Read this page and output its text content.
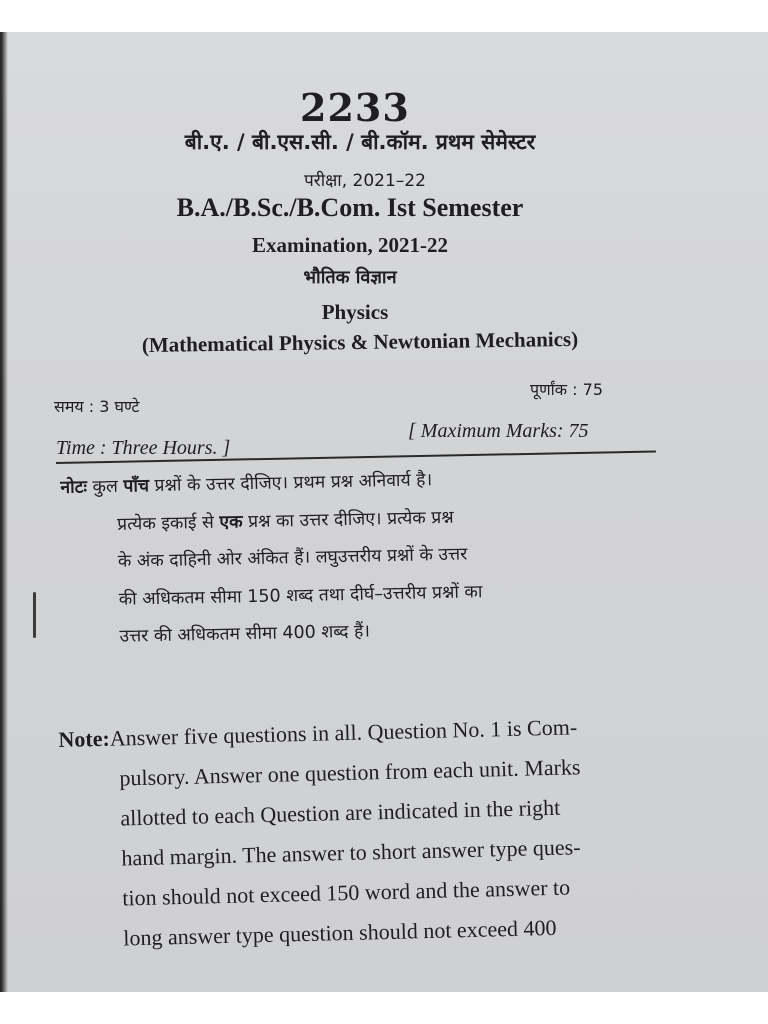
2233
बी.ए. / बी.एस.सी. / बी.कॉम. प्रथम सेमेस्टर
परीक्षा, 2021–22
B.A./B.Sc./B.Com. Ist Semester
Examination, 2021-22
भौतिक विज्ञान
Physics
(Mathematical Physics & Newtonian Mechanics)
समय : 3 घण्टे
पूर्णांक : 75
Time : Three Hours. ]
[ Maximum Marks: 75
नोटः कुल पाँच प्रश्नों के उत्तर दीजिए। प्रथम प्रश्न अनिवार्य है।
प्रत्येक इकाई से एक प्रश्न का उत्तर दीजिए। प्रत्येक प्रश्न
के अंक दाहिनी ओर अंकित हैं। लघुउत्तरीय प्रश्नों के उत्तर
की अधिकतम सीमा 150 शब्द तथा दीर्घ–उत्तरीय प्रश्नों का
उत्तर की अधिकतम सीमा 400 शब्द हैं।
Note:Answer five questions in all. Question No. 1 is Com-
pulsory. Answer one question from each unit. Marks
allotted to each Question are indicated in the right
hand margin. The answer to short answer type ques-
tion should not exceed 150 word and the answer to
long answer type question should not exceed 400
